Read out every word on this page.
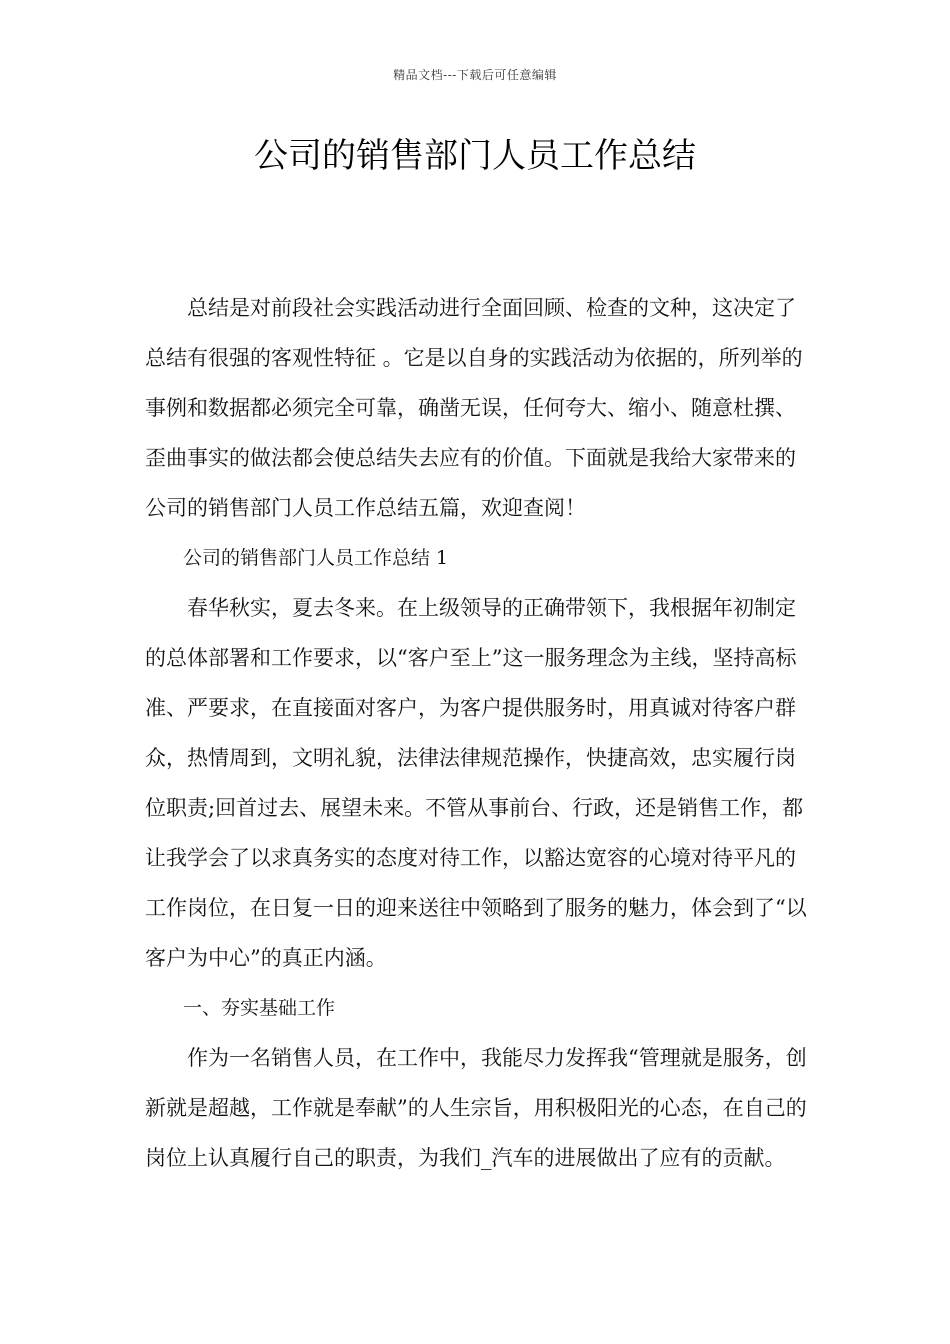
精品文档---下载后可任意编辑
公司的销售部门人员工作总结

总结是对前段社会实践活动进行全面回顾、检查的文种，这决定了总结有很强的客观性特征 。它是以自身的实践活动为依据的，所列举的事例和数据都必须完全可靠，确凿无误，任何夸大、缩小、随意杜撰、歪曲事实的做法都会使总结失去应有的价值。下面就是我给大家带来的公司的销售部门人员工作总结五篇，欢迎查阅！

公司的销售部门人员工作总结 1

春华秋实，夏去冬来。在上级领导的正确带领下，我根据年初制定的总体部署和工作要求，以“客户至上”这一服务理念为主线，坚持高标准、严要求，在直接面对客户，为客户提供服务时，用真诚对待客户群众，热情周到，文明礼貌，法律法律规范操作，快捷高效，忠实履行岗位职责;回首过去、展望未来。不管从事前台、行政，还是销售工作，都让我学会了以求真务实的态度对待工作，以豁达宽容的心境对待平凡的工作岗位，在日复一日的迎来送往中领略到了服务的魅力，体会到了“以客户为中心”的真正内涵。

一、夯实基础工作

作为一名销售人员，在工作中，我能尽力发挥我“管理就是服务，创新就是超越，工作就是奉献”的人生宗旨，用积极阳光的心态，在自己的岗位上认真履行自己的职责，为我们_汽车的进展做出了应有的贡献。
